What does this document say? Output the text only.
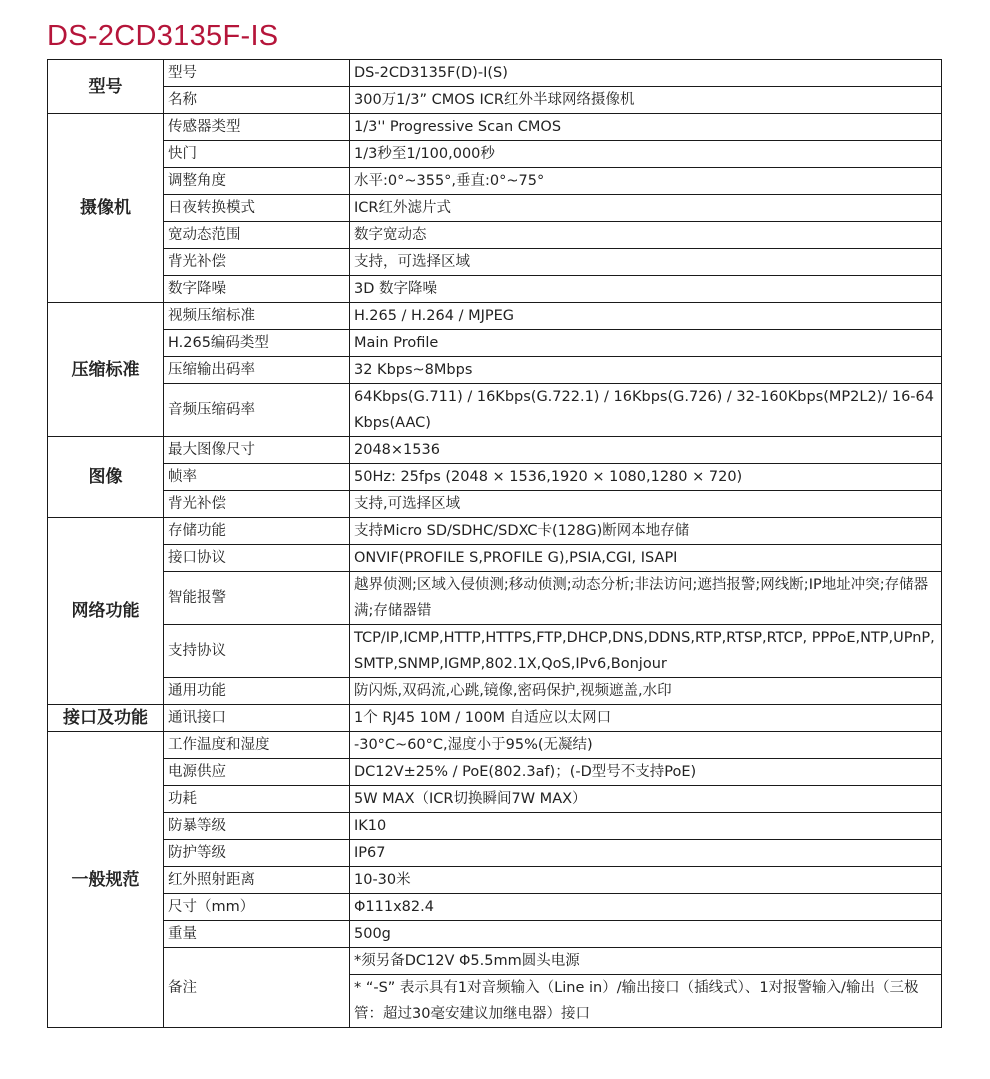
DS-2CD3135F-IS
型号	型号	DS-2CD3135F(D)-I(S)
	名称	300万1/3” CMOS ICR红外半球网络摄像机
摄像机	传感器类型	1/3'' Progressive Scan CMOS
	快门	1/3秒至1/100,000秒
	调整角度	水平:0°~355°,垂直:0°~75°
	日夜转换模式	ICR红外滤片式
	宽动态范围	数字宽动态
	背光补偿	支持，可选择区域
	数字降噪	3D 数字降噪
压缩标准	视频压缩标准	H.265 / H.264 / MJPEG
	H.265编码类型	Main Profile
	压缩输出码率	32 Kbps~8Mbps
	音频压缩码率	64Kbps(G.711) / 16Kbps(G.722.1) / 16Kbps(G.726) / 32-160Kbps(MP2L2)/ 16-64Kbps(AAC)
图像	最大图像尺寸	2048×1536
	帧率	50Hz: 25fps (2048 × 1536,1920 × 1080,1280 × 720)
	背光补偿	支持,可选择区域
网络功能	存储功能	支持Micro SD/SDHC/SDXC卡(128G)断网本地存储
	接口协议	ONVIF(PROFILE S,PROFILE G),PSIA,CGI, ISAPI
	智能报警	越界侦测;区域入侵侦测;移动侦测;动态分析;非法访问;遮挡报警;网线断;IP地址冲突;存储器满;存储器错
	支持协议	TCP/IP,ICMP,HTTP,HTTPS,FTP,DHCP,DNS,DDNS,RTP,RTSP,RTCP, PPPoE,NTP,UPnP,SMTP,SNMP,IGMP,802.1X,QoS,IPv6,Bonjour
	通用功能	防闪烁,双码流,心跳,镜像,密码保护,视频遮盖,水印
接口及功能	通讯接口	1个 RJ45 10M / 100M 自适应以太网口
一般规范	工作温度和湿度	-30°C~60°C,湿度小于95%(无凝结)
	电源供应	DC12V±25% / PoE(802.3af)；(-D型号不支持PoE)
	功耗	5W MAX（ICR切换瞬间7W MAX）
	防暴等级	IK10
	防护等级	IP67
	红外照射距离	10-30米
	尺寸（mm）	Φ111x82.4
	重量	500g
	备注	*须另备DC12V Φ5.5mm圆头电源
		* “-S” 表示具有1对音频输入（Line in）/输出接口（插线式）、1对报警输入/输出（三极管：超过30毫安建议加继电器）接口
